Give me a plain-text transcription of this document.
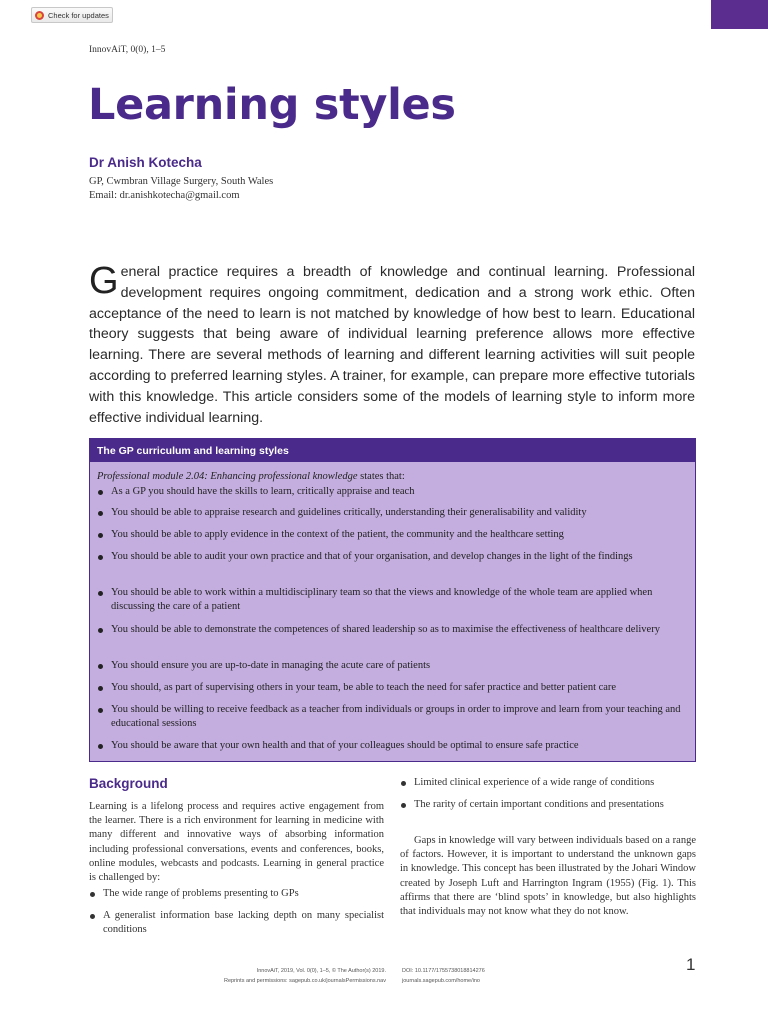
Check for updates
InnovAiT, 0(0), 1–5
Learning styles
Dr Anish Kotecha
GP, Cwmbran Village Surgery, South Wales
Email: dr.anishkotecha@gmail.com

General practice requires a breadth of knowledge and continual learning. Professional development requires ongoing commitment, dedication and a strong work ethic. Often acceptance of the need to learn is not matched by knowledge of how best to learn. Educational theory suggests that being aware of individual learning preference allows more effective learning. There are several methods of learning and different learning activities will suit people according to preferred learning styles. A trainer, for example, can prepare more effective tutorials with this knowledge. This article considers some of the models of learning style to inform more effective individual learning.

The GP curriculum and learning styles
Professional module 2.04: Enhancing professional knowledge states that:
As a GP you should have the skills to learn, critically appraise and teach
You should be able to appraise research and guidelines critically, understanding their generalisability and validity
You should be able to apply evidence in the context of the patient, the community and the healthcare setting
You should be able to audit your own practice and that of your organisation, and develop changes in the light of the findings
You should be able to work within a multidisciplinary team so that the views and knowledge of the whole team are applied when discussing the care of a patient
You should be able to demonstrate the competences of shared leadership so as to maximise the effectiveness of healthcare delivery
You should ensure you are up-to-date in managing the acute care of patients
You should, as part of supervising others in your team, be able to teach the need for safer practice and better patient care
You should be willing to receive feedback as a teacher from individuals or groups in order to improve and learn from your teaching and educational sessions
You should be aware that your own health and that of your colleagues should be optimal to ensure safe practice
Background

Learning is a lifelong process and requires active engagement from the learner. There is a rich environment for learning in medicine with many different and innovative ways of absorbing information including professional conversations, events and conferences, books, online modules, webcasts and podcasts. Learning in general practice is challenged by:

The wide range of problems presenting to GPs
A generalist information base lacking depth on many specialist conditions
Limited clinical experience of a wide range of conditions
The rarity of certain important conditions and presentations

Gaps in knowledge will vary between individuals based on a range of factors. However, it is important to understand the unknown gaps in knowledge. This concept has been illustrated by the Johari Window created by Joseph Luft and Harrington Ingram (1955) (Fig. 1). This affirms that there are ‘blind spots’ in knowledge, but also highlights that individuals may not know what they do not know.

InnovAiT, 2019, Vol. 0(0), 1–5, © The Author(s) 2019.
Reprints and permissions: sagepub.co.uk/journalsPermissions.nav
DOI: 10.1177/1755738018814276
journals.sagepub.com/home/ino
1
